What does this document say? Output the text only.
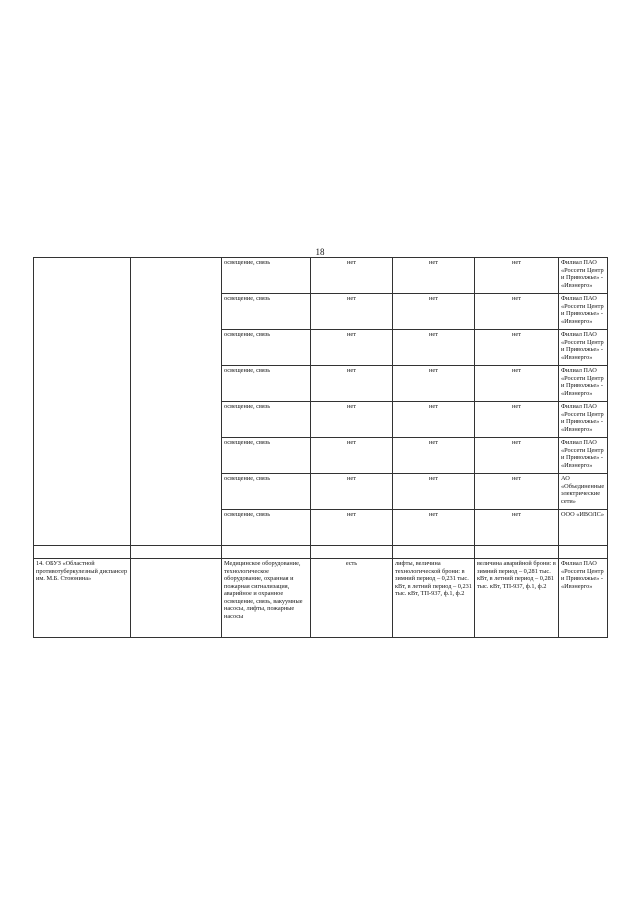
18
		освещение, связь	нет	нет	нет	Филиал ПАО «Россети Центр и Приволжье» - «Ивэнерго»
		освещение, связь	нет	нет	нет	Филиал ПАО «Россети Центр и Приволжье» - «Ивэнерго»
		освещение, связь	нет	нет	нет	Филиал ПАО «Россети Центр и Приволжье» - «Ивэнерго»
		освещение, связь	нет	нет	нет	Филиал ПАО «Россети Центр и Приволжье» - «Ивэнерго»
		освещение, связь	нет	нет	нет	Филиал ПАО «Россети Центр и Приволжье» - «Ивэнерго»
		освещение, связь	нет	нет	нет	Филиал ПАО «Россети Центр и Приволжье» - «Ивэнерго»
		освещение, связь	нет	нет	нет	АО «Объединенные электрические сети»
		освещение, связь	нет	нет	нет	ООО «ИВОЛС»

14. ОБУЗ «Областной противотуберкулезный диспансер им. М.Б. Стоюнина»		Медицинское оборудование, технологическое оборудование, охранная и пожарная сигнализация, аварийное и охранное освещение, связь, вакуумные насосы, лифты, пожарные насосы	есть	лифты, величина технологической брони: в зимний период – 0,231 тыс. кВт, в летний период – 0,231 тыс. кВт, ТП-937, ф.1, ф.2	величина аварийной брони: в зимний период – 0,281 тыс. кВт, в летний период – 0,281 тыс. кВт, ТП-937, ф.1, ф.2	Филиал ПАО «Россети Центр и Приволжье» - «Ивэнерго»
